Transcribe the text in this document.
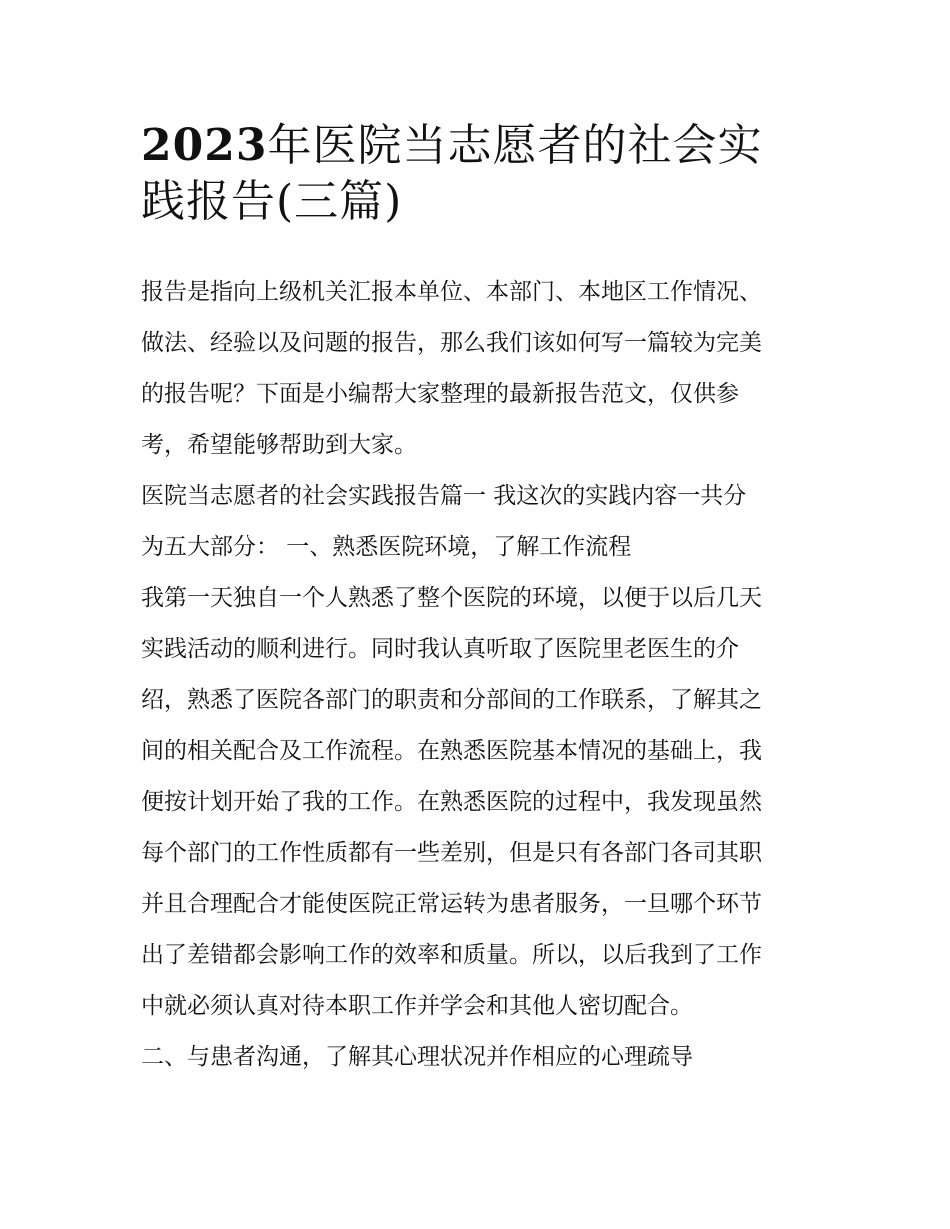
2023年医院当志愿者的社会实
践报告(三篇)
报告是指向上级机关汇报本单位、本部门、本地区工作情况、
做法、经验以及问题的报告，那么我们该如何写一篇较为完美
的报告呢？下面是小编帮大家整理的最新报告范文，仅供参
考，希望能够帮助到大家。
医院当志愿者的社会实践报告篇一 我这次的实践内容一共分
为五大部分： 一、熟悉医院环境，了解工作流程
我第一天独自一个人熟悉了整个医院的环境，以便于以后几天
实践活动的顺利进行。同时我认真听取了医院里老医生的介
绍，熟悉了医院各部门的职责和分部间的工作联系，了解其之
间的相关配合及工作流程。在熟悉医院基本情况的基础上，我
便按计划开始了我的工作。在熟悉医院的过程中，我发现虽然
每个部门的工作性质都有一些差别，但是只有各部门各司其职
并且合理配合才能使医院正常运转为患者服务，一旦哪个环节
出了差错都会影响工作的效率和质量。所以，以后我到了工作
中就必须认真对待本职工作并学会和其他人密切配合。
二、与患者沟通，了解其心理状况并作相应的心理疏导
